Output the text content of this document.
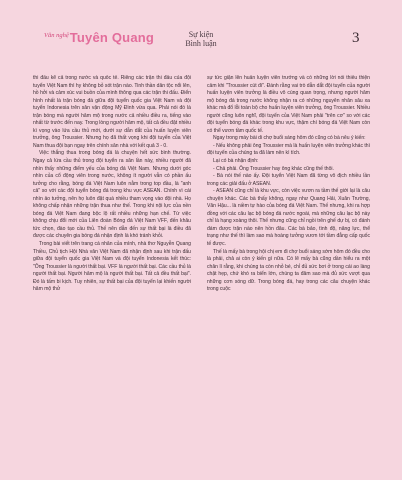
Văn nghệ Tuyên Quang	Sự kiện
Bình luận	3

thi đấu kể cả trong nước và quốc tế. Riêng các trận thi đấu của đội tuyển Việt Nam thì hy không bỏ sót trận nào. Tinh thần dân tộc nổi lên, hồ hởi và cảm xúc vui buồn của mình thông qua các trận thi đấu. Điển hình nhất là trận bóng đá giữa đội tuyển quốc gia Việt Nam và đội tuyển Indonesia trên sân vận động Mỹ Đình vừa qua. Phải nói đó là trận bóng mà người hâm mộ trong nước cả nhiều điều ra, tiếng vào nhất từ trước đến nay. Trong lòng người hâm mộ, tất cả đều đặt nhiều kì vọng vào lứa cầu thủ mới, dưới sự dẫn dắt của huấn luyện viên trưởng, ông Troussier. Nhưng họ đã thất vọng khi đội tuyển của Việt Nam thua đội bạn ngay trên chính sân nhà với kết quả 3 - 0.

Việc thắng thua trong bóng đá là chuyện hết sức bình thường. Ngay cả lứa cầu thủ trong đội tuyển ra sân lần này, nhiều người đã nhìn thấy những điểm yếu của bóng đá Việt Nam. Nhưng dưới góc nhìn của cổ động viên trong nước, không ít người vẫn có phần ấu tưởng cho rằng, bóng đá Việt Nam luôn nằm trong top đầu, là "anh cả" so với các đội tuyển bóng đá trong khu vực ASEAN. Chính vì cái nhìn ảo tưởng, nên họ luôn đặt quá nhiều tham vọng vào đội nhà. Họ không chấp nhận những trận thua như thế. Trong khi nội lực của nền bóng đá Việt Nam đang bộc lộ rất nhiều những hạn chế. Từ việc không chịu đổi mới của Liên đoàn Bóng đá Việt Nam VFF, đến khâu tức chọn, đào tạo cầu thủ. Thế nên dẫn đến sự thất bại là điều đã được các chuyên gia bóng đá nhận định là khó tránh khỏi.

Trong bài viết trên trang cá nhân của mình, nhà thơ Nguyễn Quang Thiều, Chủ tịch Hội Nhà văn Việt Nam đã nhận định sau khi trận đấu giữa đội tuyển quốc gia Việt Nam và đội tuyển Indonesia kết thúc: "Ông Troussier là người thất bại. VFF là người thất bại. Các cầu thủ là người thất bại. Người hâm mộ là người thất bại. Tất cả đều thất bại". Đó là tấm bi kịch. Tuy nhiên, sự thất bại của đội tuyển lại khiến người hâm mộ thử

sự tức giận lên huấn luyện viên trưởng và có những lời nói thiếu thiện cảm khi "Troussier cút đi". Đánh rằng vai trò dẫn dắt đội tuyển của người huấn luyện viên trưởng là điều vô cùng quan trọng, nhưng người hâm mộ bóng đá trong nước không nhận ra có những nguyên nhân sâu xa khác mà đổ lỗi toàn bộ cho huấn luyện viên trưởng, ông Troussier. Nhiều người cũng luôn nghĩ, đội tuyển của Việt Nam phải "trên cơ" so với các đội tuyển bóng đá khác trong khu vực, thậm chí bóng đá Việt Nam còn có thể vươn tầm quốc tế.

Ngay trong máy bài di chợ buổi sáng hôm đó cũng có bà nêu ý kiến:

- Nếu không phải ông Troussier mà là huấn luyện viên trưởng khác thì đội tuyển của chúng ta đã làm nên kì tích.

Lại có bà nhận định:

- Chả phải. Ông Troussier hay ông khác cũng thế thôi.

- Bà nói thế nào ấy. Đội tuyển Việt Nam đã từng vô địch nhiều lần trong các giải đấu ở ASEAN.

- ASEAN cũng chỉ là khu vực, còn việc vươn ra tầm thế giới lại là câu chuyện khác. Các bà thấy không, ngay như Quang Hải, Xuân Trường, Văn Hậu... là niềm tự hào của bóng đá Việt Nam. Thế nhưng, khi ra hợp đồng với các câu lạc bộ bóng đá nước ngoài, mà những câu lạc bộ này chỉ là hạng xoàng thôi. Thế nhưng cũng chỉ ngồi trên ghế dự bị, có đánh đám được trận nào nên hồn đâu. Các bà bảo, tình độ, năng lực, thể trạng như thế thì làm sao mà hoàng tưởng vươn tới tầm đẳng cấp quốc tế được.

Thế là mấy bà trong hội chị em đi chợ buổi sáng sớm hôm đó đều cho là phải, chả ai còn ý kiến gì nữa. Có lẽ mấy bà cũng dần hiểu ra một chân lí rằng, khi chúng ta còn nhỏ bé, chỉ đủ sức bơi ở trong cái ao làng chật hẹp, chứ khó ra biển lớn, chúng ta đâm sao mà đủ sức vượt qua những cơn sóng dữ. Trong bóng đá, hay trong các câu chuyện khác trong cuộc
